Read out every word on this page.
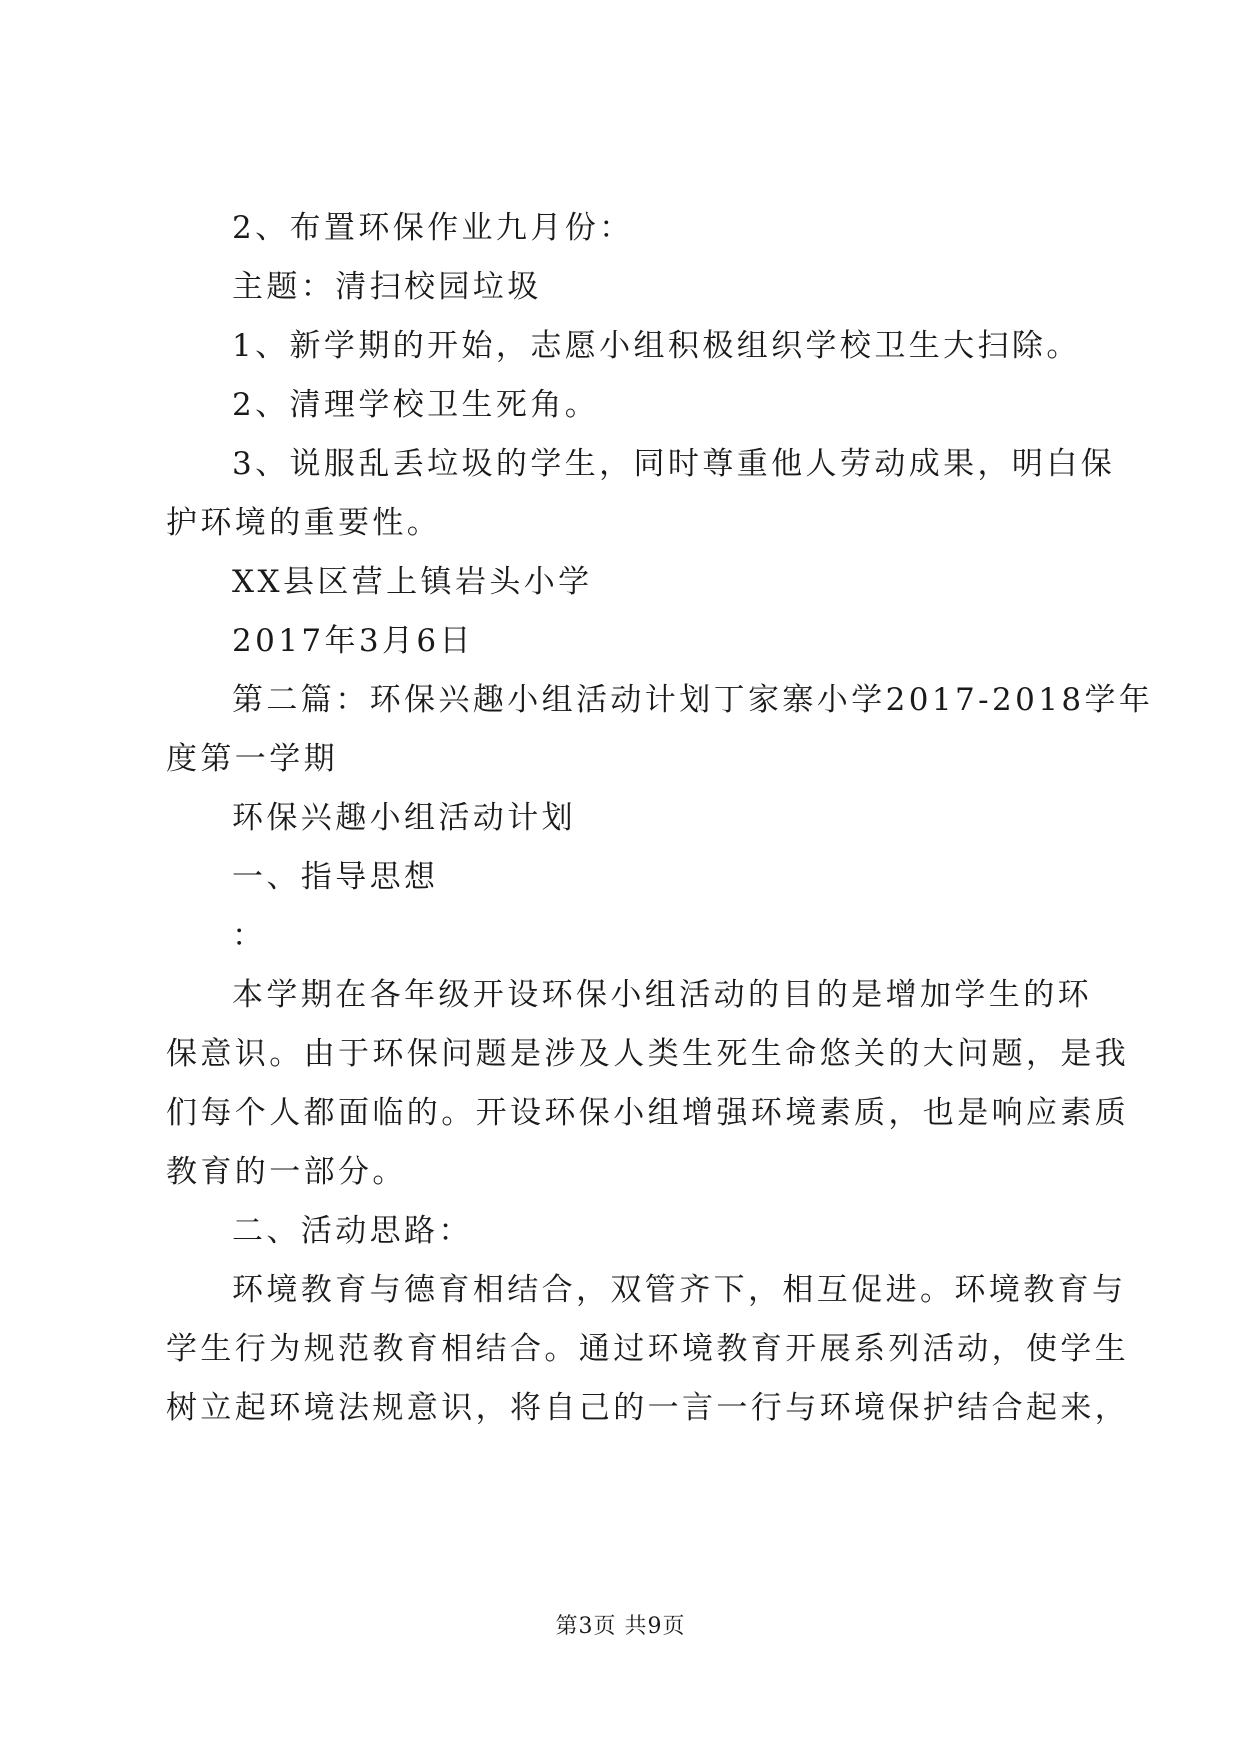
2、布置环保作业九月份：
主题：清扫校园垃圾
1、新学期的开始，志愿小组积极组织学校卫生大扫除。
2、清理学校卫生死角。
3、说服乱丢垃圾的学生，同时尊重他人劳动成果，明白保
护环境的重要性。
XX县区营上镇岩头小学
2017年3月6日
第二篇：环保兴趣小组活动计划丁家寨小学2017-2018学年
度第一学期
环保兴趣小组活动计划
一、指导思想
：
本学期在各年级开设环保小组活动的目的是增加学生的环
保意识。由于环保问题是涉及人类生死生命悠关的大问题，是我
们每个人都面临的。开设环保小组增强环境素质，也是响应素质
教育的一部分。
二、活动思路：
环境教育与德育相结合，双管齐下，相互促进。环境教育与
学生行为规范教育相结合。通过环境教育开展系列活动，使学生
树立起环境法规意识，将自己的一言一行与环境保护结合起来，
第3页 共9页
